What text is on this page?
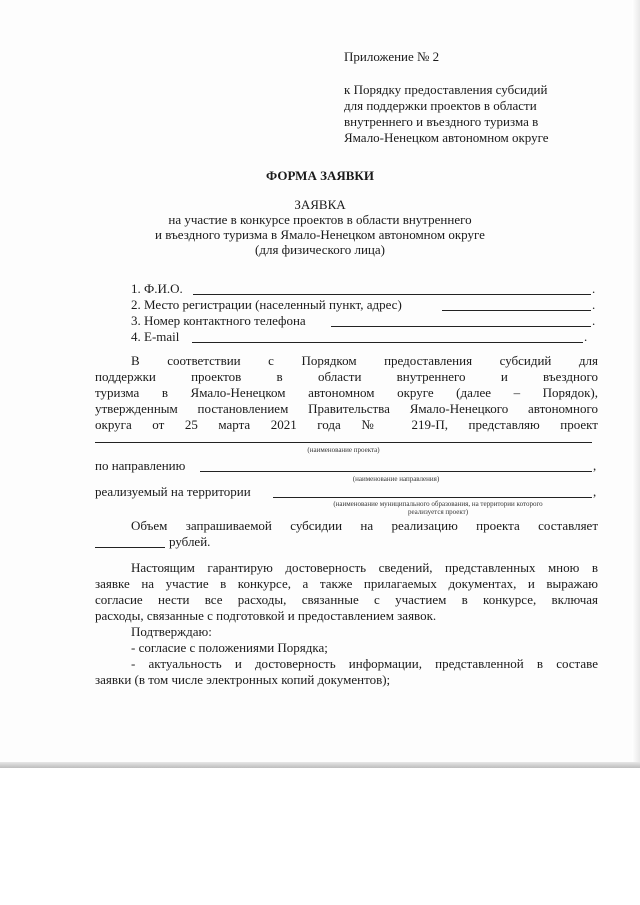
Приложение № 2
к Порядку предоставления субсидий
для поддержки проектов в области
внутреннего и въездного туризма в
Ямало-Ненецком автономном округе
ФОРМА ЗАЯВКИ
ЗАЯВКА
на участие в конкурсе проектов в области внутреннего
и въездного туризма в Ямало-Ненецком автономном округе
(для физического лица)
1. Ф.И.О.	.
2. Место регистрации (населенный пункт, адрес)	.
3. Номер контактного телефона	.
4. E-mail	.
В соответствии с Порядком предоставления субсидий для
поддержки проектов в области внутреннего и въездного
туризма в Ямало-Ненецком автономном округе (далее – Порядок),
утвержденным постановлением Правительства Ямало-Ненецкого автономного
округа от 25 марта 2021 года № 219-П, представляю проект
(наименование проекта)
по направлению	,
(наименование направления)
реализуемый на территории	,
(наименование муниципального образования, на территории которого
реализуется проект)
Объем запрашиваемой субсидии на реализацию проекта составляет
рублей.
Настоящим гарантирую достоверность сведений, представленных мною в
заявке на участие в конкурсе, а также прилагаемых документах, и выражаю
согласие нести все расходы, связанные с участием в конкурсе, включая
расходы, связанные с подготовкой и предоставлением заявок.
Подтверждаю:
- согласие с положениями Порядка;
- актуальность и достоверность информации, представленной в составе
заявки (в том числе электронных копий документов);
